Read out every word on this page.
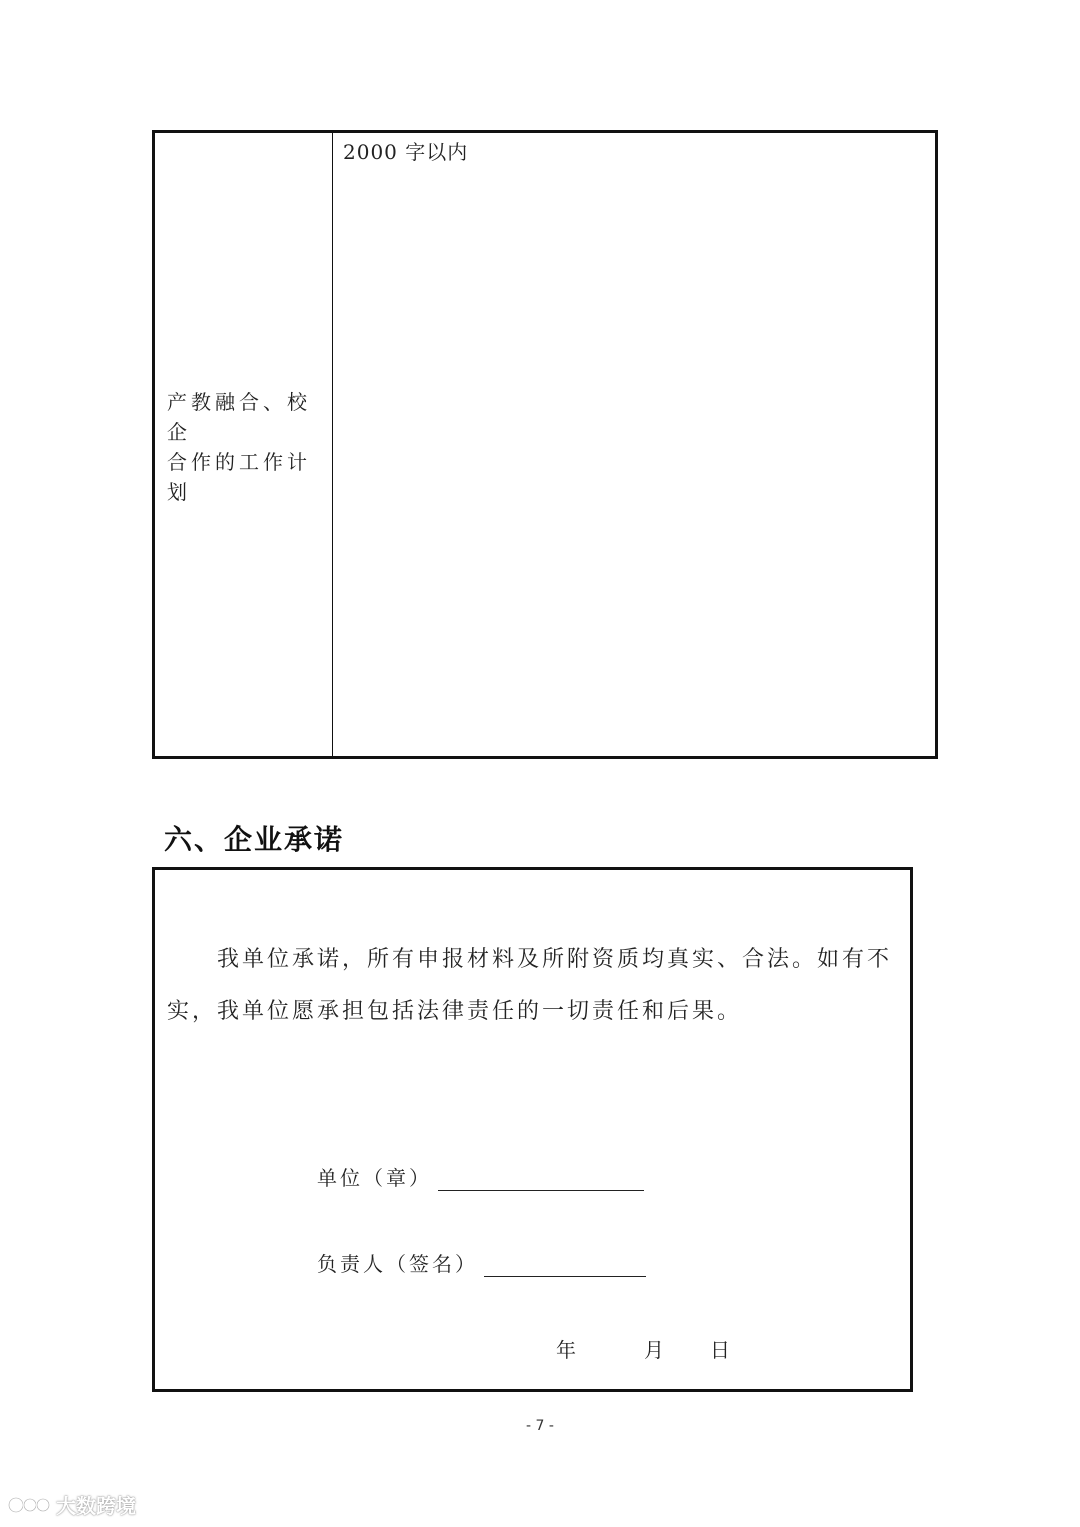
产教融合、校企
合作的工作计划
2000 字以内
六、企业承诺

我单位承诺，所有申报材料及所附资质均真实、合法。如有不实，我单位愿承担包括法律责任的一切责任和后果。

单位（章）
负责人（签名）
年	月 日
- 7 -
大数跨境
